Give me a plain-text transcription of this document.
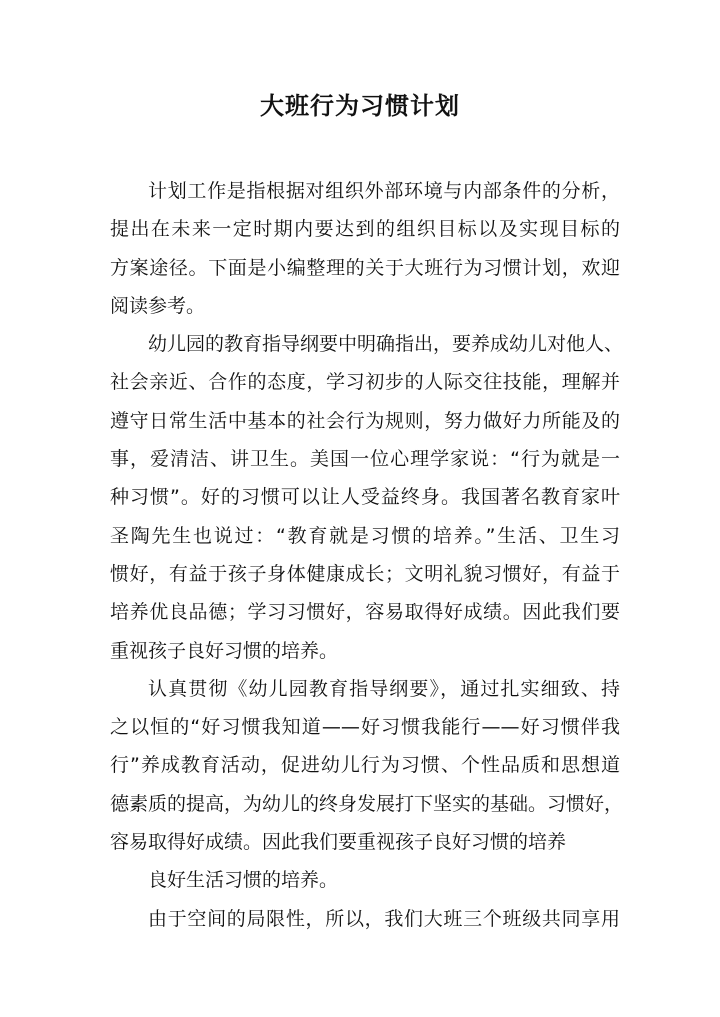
大班行为习惯计划
计划工作是指根据对组织外部环境与内部条件的分析，
提出在未来一定时期内要达到的组织目标以及实现目标的
方案途径。下面是小编整理的关于大班行为习惯计划，欢迎
阅读参考。
幼儿园的教育指导纲要中明确指出，要养成幼儿对他人、
社会亲近、合作的态度，学习初步的人际交往技能，理解并
遵守日常生活中基本的社会行为规则，努力做好力所能及的
事，爱清洁、讲卫生。美国一位心理学家说：“行为就是一
种习惯”。好的习惯可以让人受益终身。我国著名教育家叶
圣陶先生也说过：“教育就是习惯的培养。”生活、卫生习
惯好，有益于孩子身体健康成长；文明礼貌习惯好，有益于
培养优良品德；学习习惯好，容易取得好成绩。因此我们要
重视孩子良好习惯的培养。
认真贯彻《幼儿园教育指导纲要》，通过扎实细致、持
之以恒的“好习惯我知道——好习惯我能行——好习惯伴我
行”养成教育活动，促进幼儿行为习惯、个性品质和思想道
德素质的提高，为幼儿的终身发展打下坚实的基础。习惯好，
容易取得好成绩。因此我们要重视孩子良好习惯的培养
良好生活习惯的培养。
由于空间的局限性，所以，我们大班三个班级共同享用
